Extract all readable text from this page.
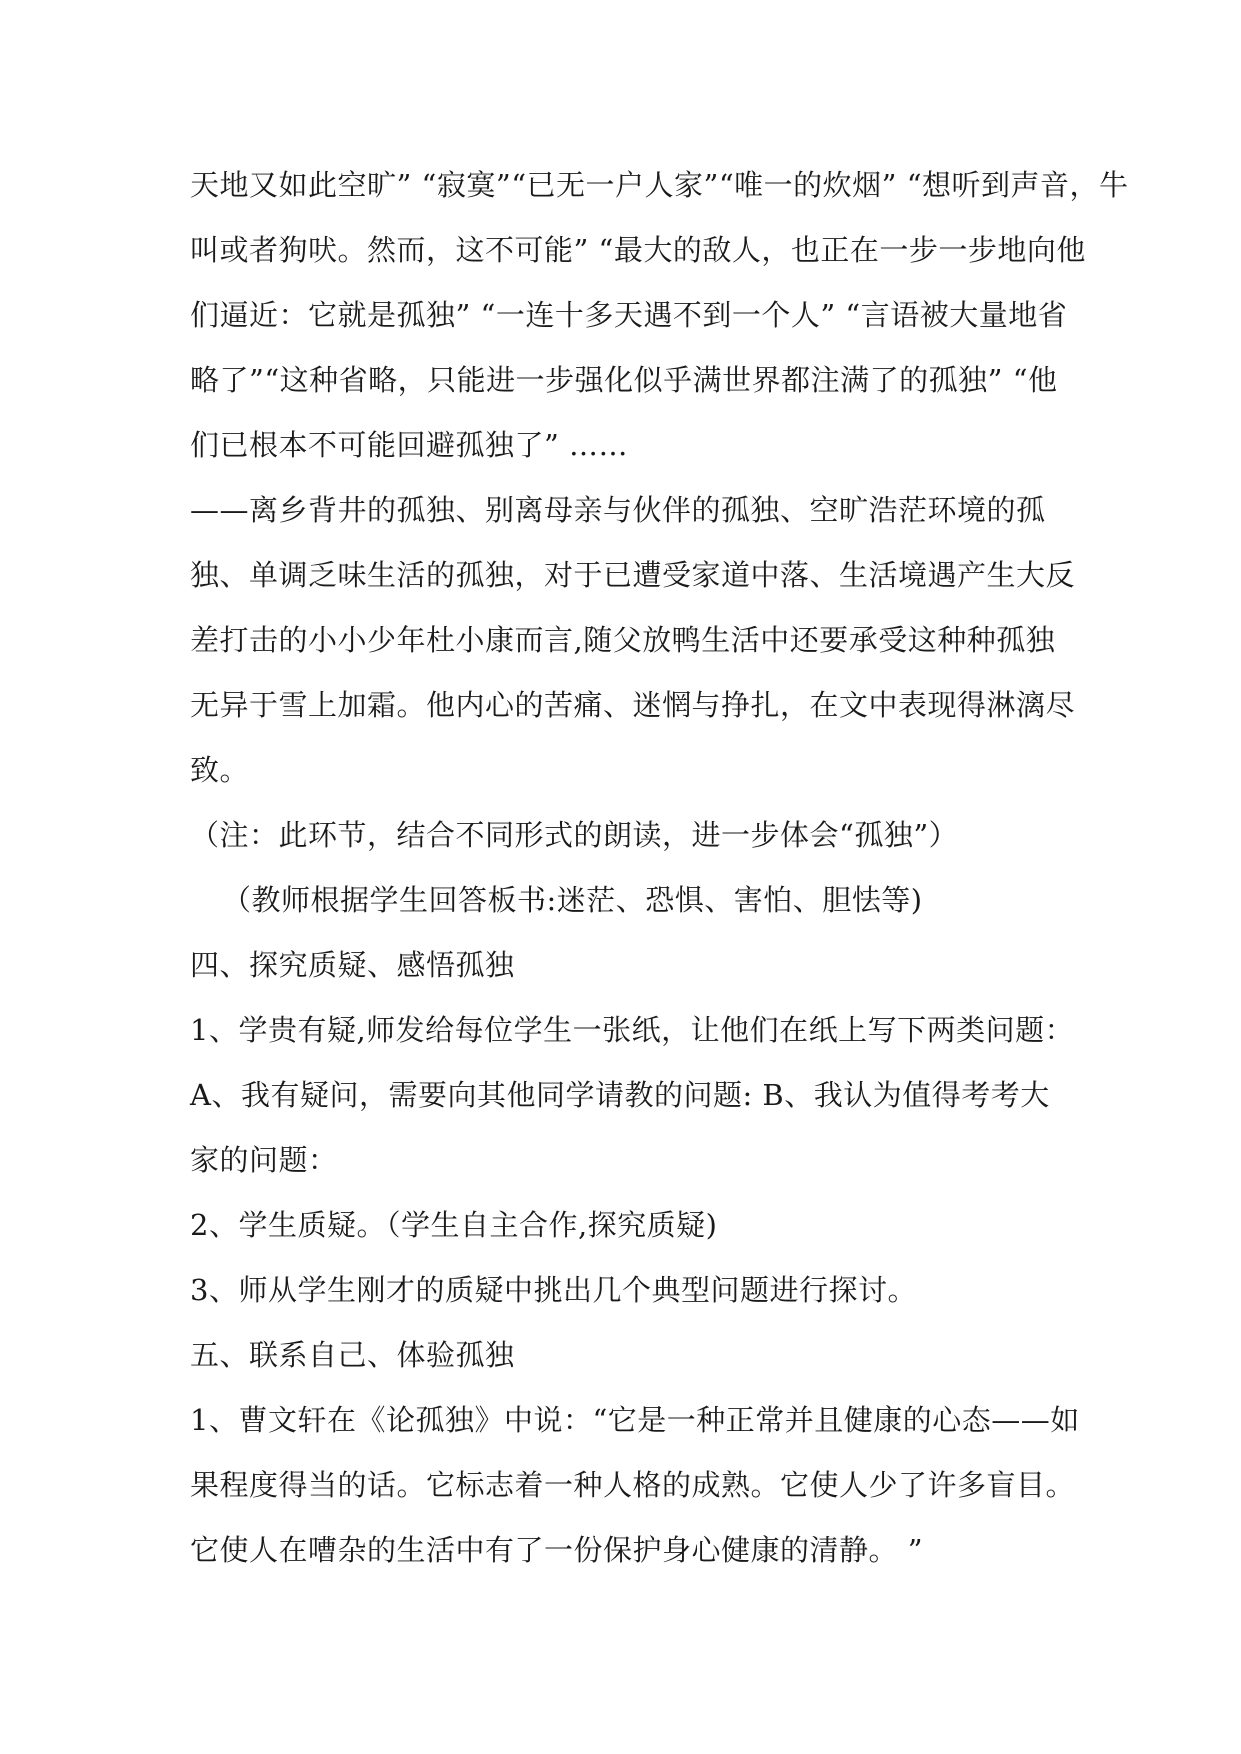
天地又如此空旷” “寂寞”“已无一户人家”“唯一的炊烟” “想听到声音，牛
叫或者狗吠。然而，这不可能” “最大的敌人，也正在一步一步地向他
们逼近：它就是孤独” “一连十多天遇不到一个人” “言语被大量地省
略了”“这种省略，只能进一步强化似乎满世界都注满了的孤独” “他
们已根本不可能回避孤独了” ……
——离乡背井的孤独、别离母亲与伙伴的孤独、空旷浩茫环境的孤
独、单调乏味生活的孤独，对于已遭受家道中落、生活境遇产生大反
差打击的小小少年杜小康而言,随父放鸭生活中还要承受这种种孤独
无异于雪上加霜。他内心的苦痛、迷惘与挣扎，在文中表现得淋漓尽
致。
（注：此环节，结合不同形式的朗读，进一步体会“孤独”）
（教师根据学生回答板书:迷茫、恐惧、害怕、胆怯等)
四、探究质疑、感悟孤独
1、学贵有疑,师发给每位学生一张纸，让他们在纸上写下两类问题：
A、我有疑问，需要向其他同学请教的问题: B、我认为值得考考大
家的问题：
2、学生质疑。（学生自主合作,探究质疑)
3、师从学生刚才的质疑中挑出几个典型问题进行探讨。
五、联系自己、体验孤独
1、曹文轩在《论孤独》中说：“它是一种正常并且健康的心态——如
果程度得当的话。它标志着一种人格的成熟。它使人少了许多盲目。
它使人在嘈杂的生活中有了一份保护身心健康的清静。 ”
